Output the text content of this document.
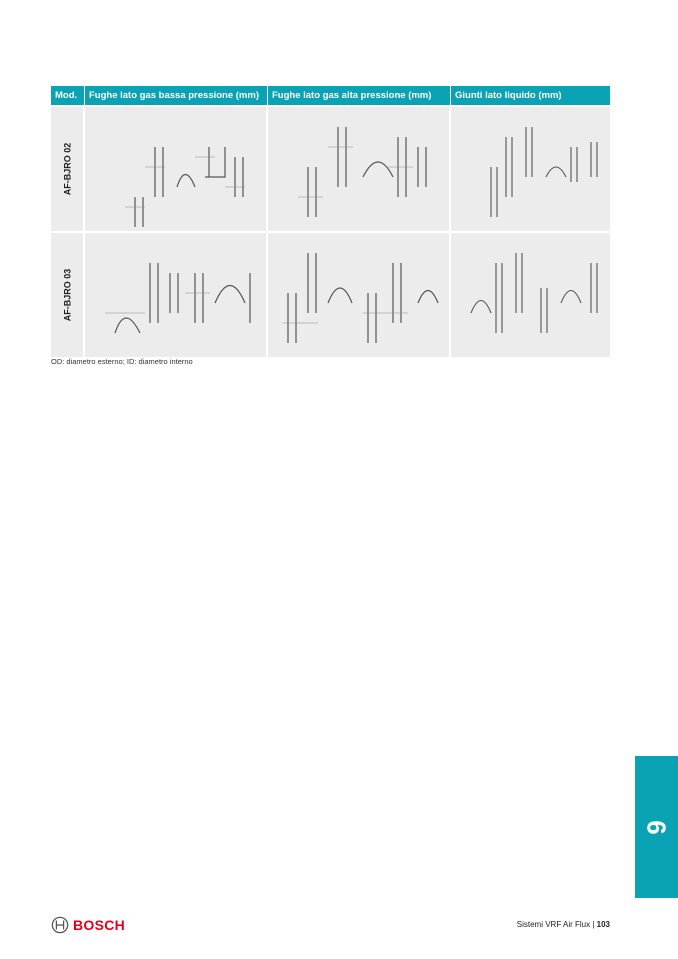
Mod.	Fughe lato gas bassa pressione (mm)	Fughe lato gas alta pressione (mm)	Giunti lato liquido (mm)
AF-BJRO 02
AF-BJRO 03
OD: diametro esterno; ID: diametro interno
6
BOSCH	Sistemi VRF Air Flux | 103
